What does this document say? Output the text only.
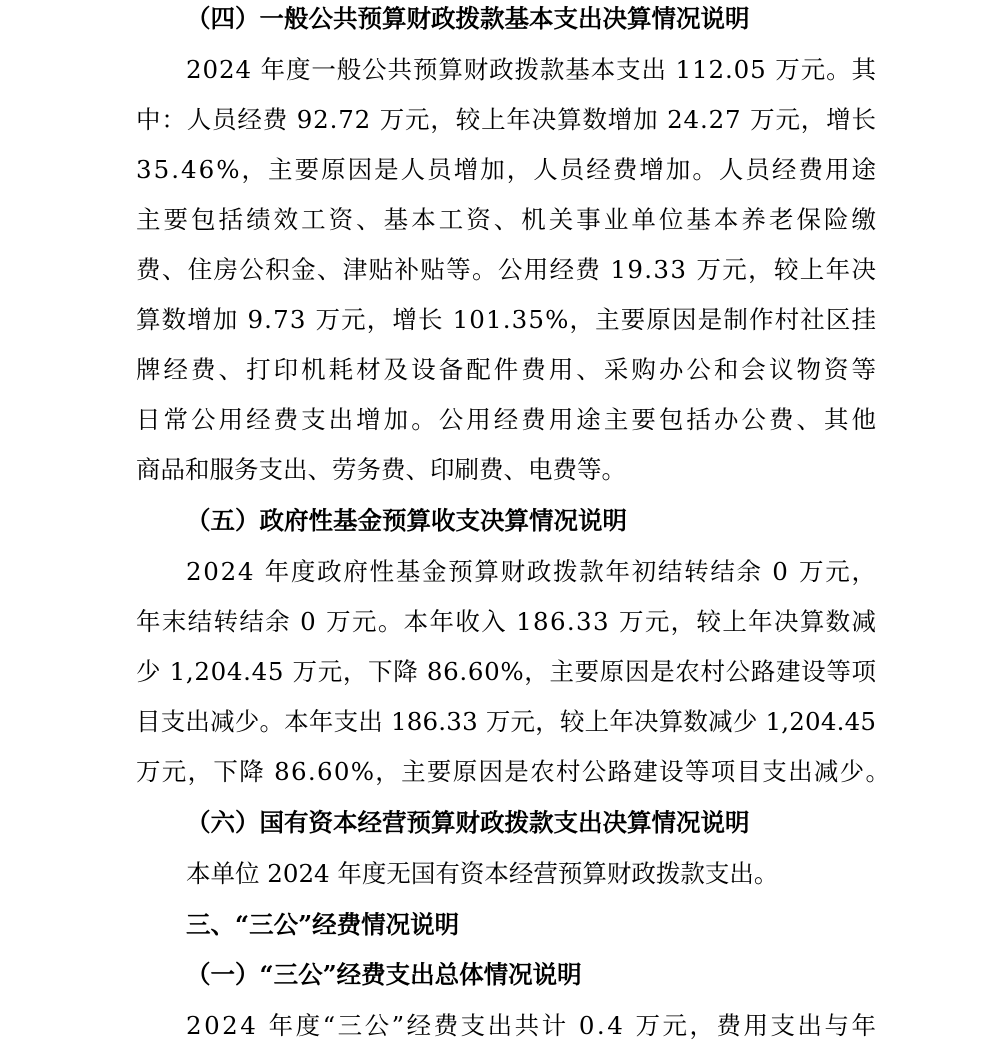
（四）一般公共预算财政拨款基本支出决算情况说明
2024 年度一般公共预算财政拨款基本支出 112.05 万元。其
中：人员经费 92.72 万元，较上年决算数增加 24.27 万元，增长
35.46%，主要原因是人员增加，人员经费增加。人员经费用途
主要包括绩效工资、基本工资、机关事业单位基本养老保险缴
费、住房公积金、津贴补贴等。公用经费 19.33 万元，较上年决
算数增加 9.73 万元，增长 101.35%，主要原因是制作村社区挂
牌经费、打印机耗材及设备配件费用、采购办公和会议物资等
日常公用经费支出增加。公用经费用途主要包括办公费、其他
商品和服务支出、劳务费、印刷费、电费等。
（五）政府性基金预算收支决算情况说明
2024 年度政府性基金预算财政拨款年初结转结余 0 万元，
年末结转结余 0 万元。本年收入 186.33 万元，较上年决算数减
少 1,204.45 万元，下降 86.60%，主要原因是农村公路建设等项
目支出减少。本年支出 186.33 万元，较上年决算数减少 1,204.45
万元，下降 86.60%，主要原因是农村公路建设等项目支出减少。
（六）国有资本经营预算财政拨款支出决算情况说明
本单位 2024 年度无国有资本经营预算财政拨款支出。
三、“三公”经费情况说明
（一）“三公”经费支出总体情况说明
2024 年度“三公”经费支出共计 0.4 万元，费用支出与年
